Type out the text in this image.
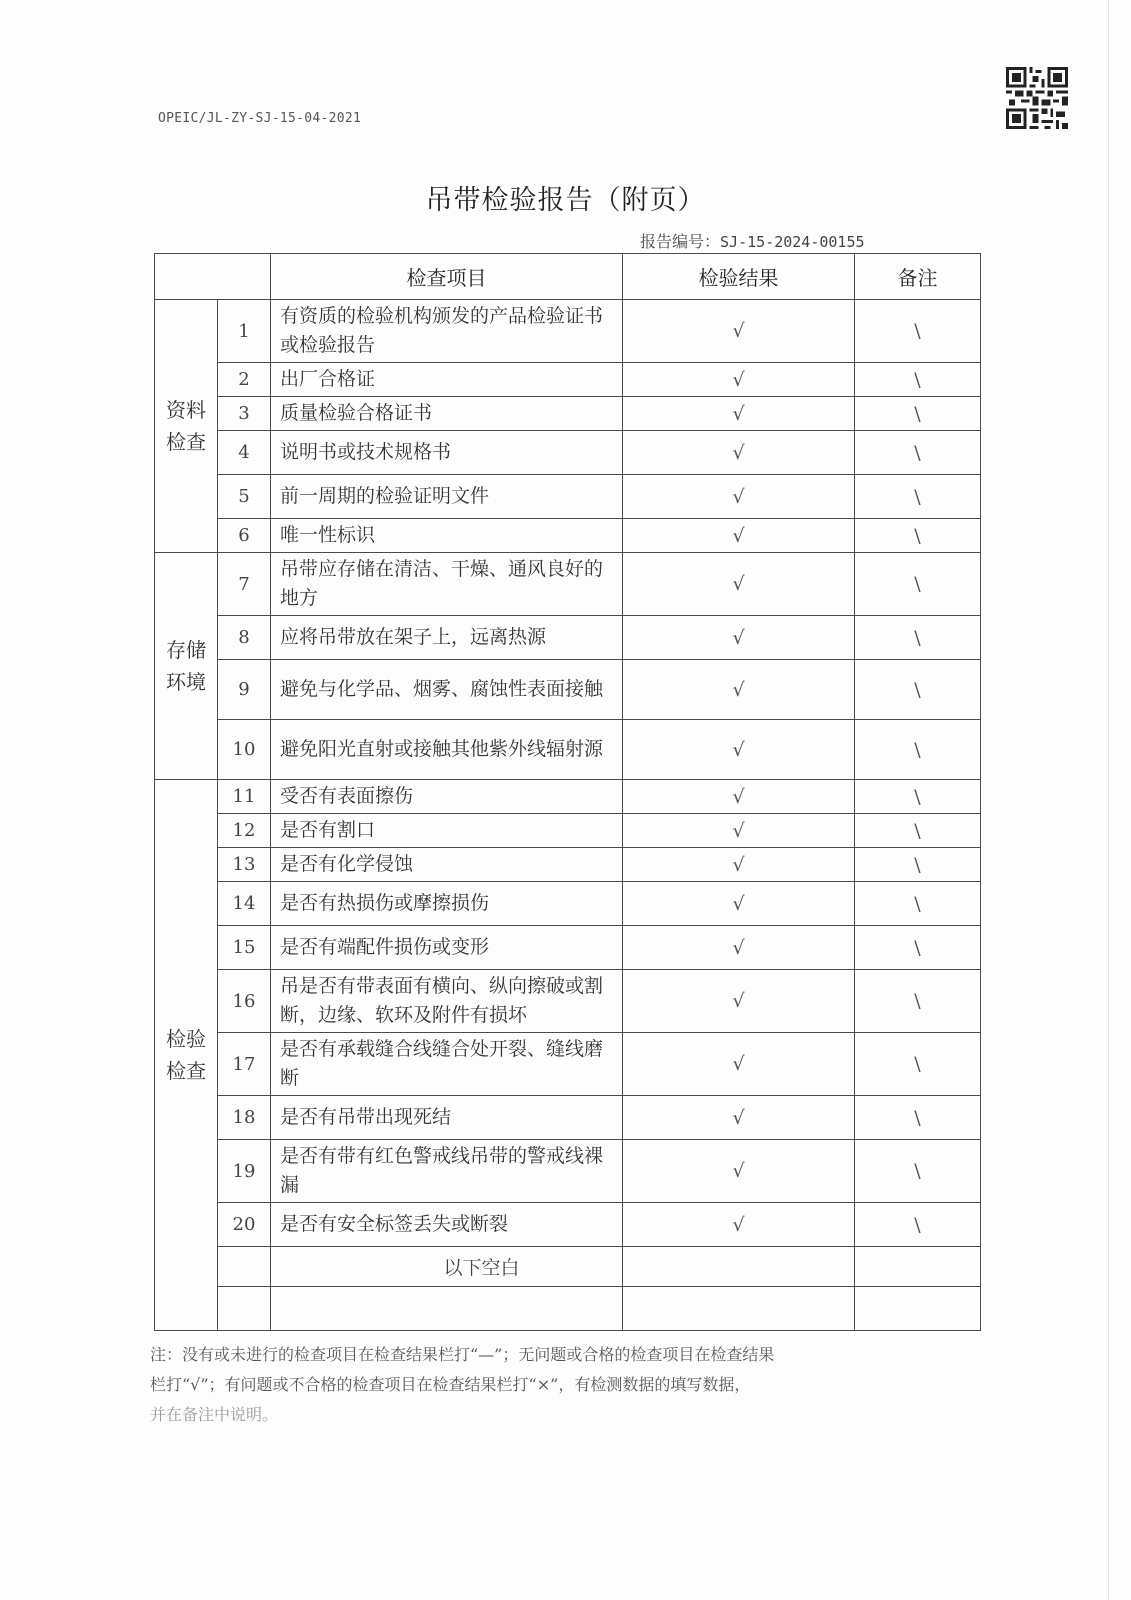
OPEIC/JL-ZY-SJ-15-04-2021
吊带检验报告（附页）
报告编号：SJ-15-2024-00155
		检查项目	检验结果	备注

资料检查	1	有资质的检验机构颁发的产品检验证书或检验报告	√	\
	2	出厂合格证	√	\
	3	质量检验合格证书	√	\
	4	说明书或技术规格书	√	\
	5	前一周期的检验证明文件	√	\
	6	唯一性标识	√	\

存储环境	7	吊带应存储在清洁、干燥、通风良好的地方	√	\
	8	应将吊带放在架子上，远离热源	√	\
	9	避免与化学品、烟雾、腐蚀性表面接触	√	\
	10	避免阳光直射或接触其他紫外线辐射源	√	\

检验检查	11	受否有表面擦伤	√	\
	12	是否有割口	√	\
	13	是否有化学侵蚀	√	\
	14	是否有热损伤或摩擦损伤	√	\
	15	是否有端配件损伤或变形	√	\
	16	吊是否有带表面有横向、纵向擦破或割断，边缘、软环及附件有损坏	√	\
	17	是否有承载缝合线缝合处开裂、缝线磨断	√	\
	18	是否有吊带出现死结	√	\
	19	是否有带有红色警戒线吊带的警戒线裸漏	√	\
	20	是否有安全标签丢失或断裂	√	\
		以下空白		

注：没有或未进行的检查项目在检查结果栏打“—”；无问题或合格的检查项目在检查结果
栏打“√”；有问题或不合格的检查项目在检查结果栏打“×”，有检测数据的填写数据，
并在备注中说明。
